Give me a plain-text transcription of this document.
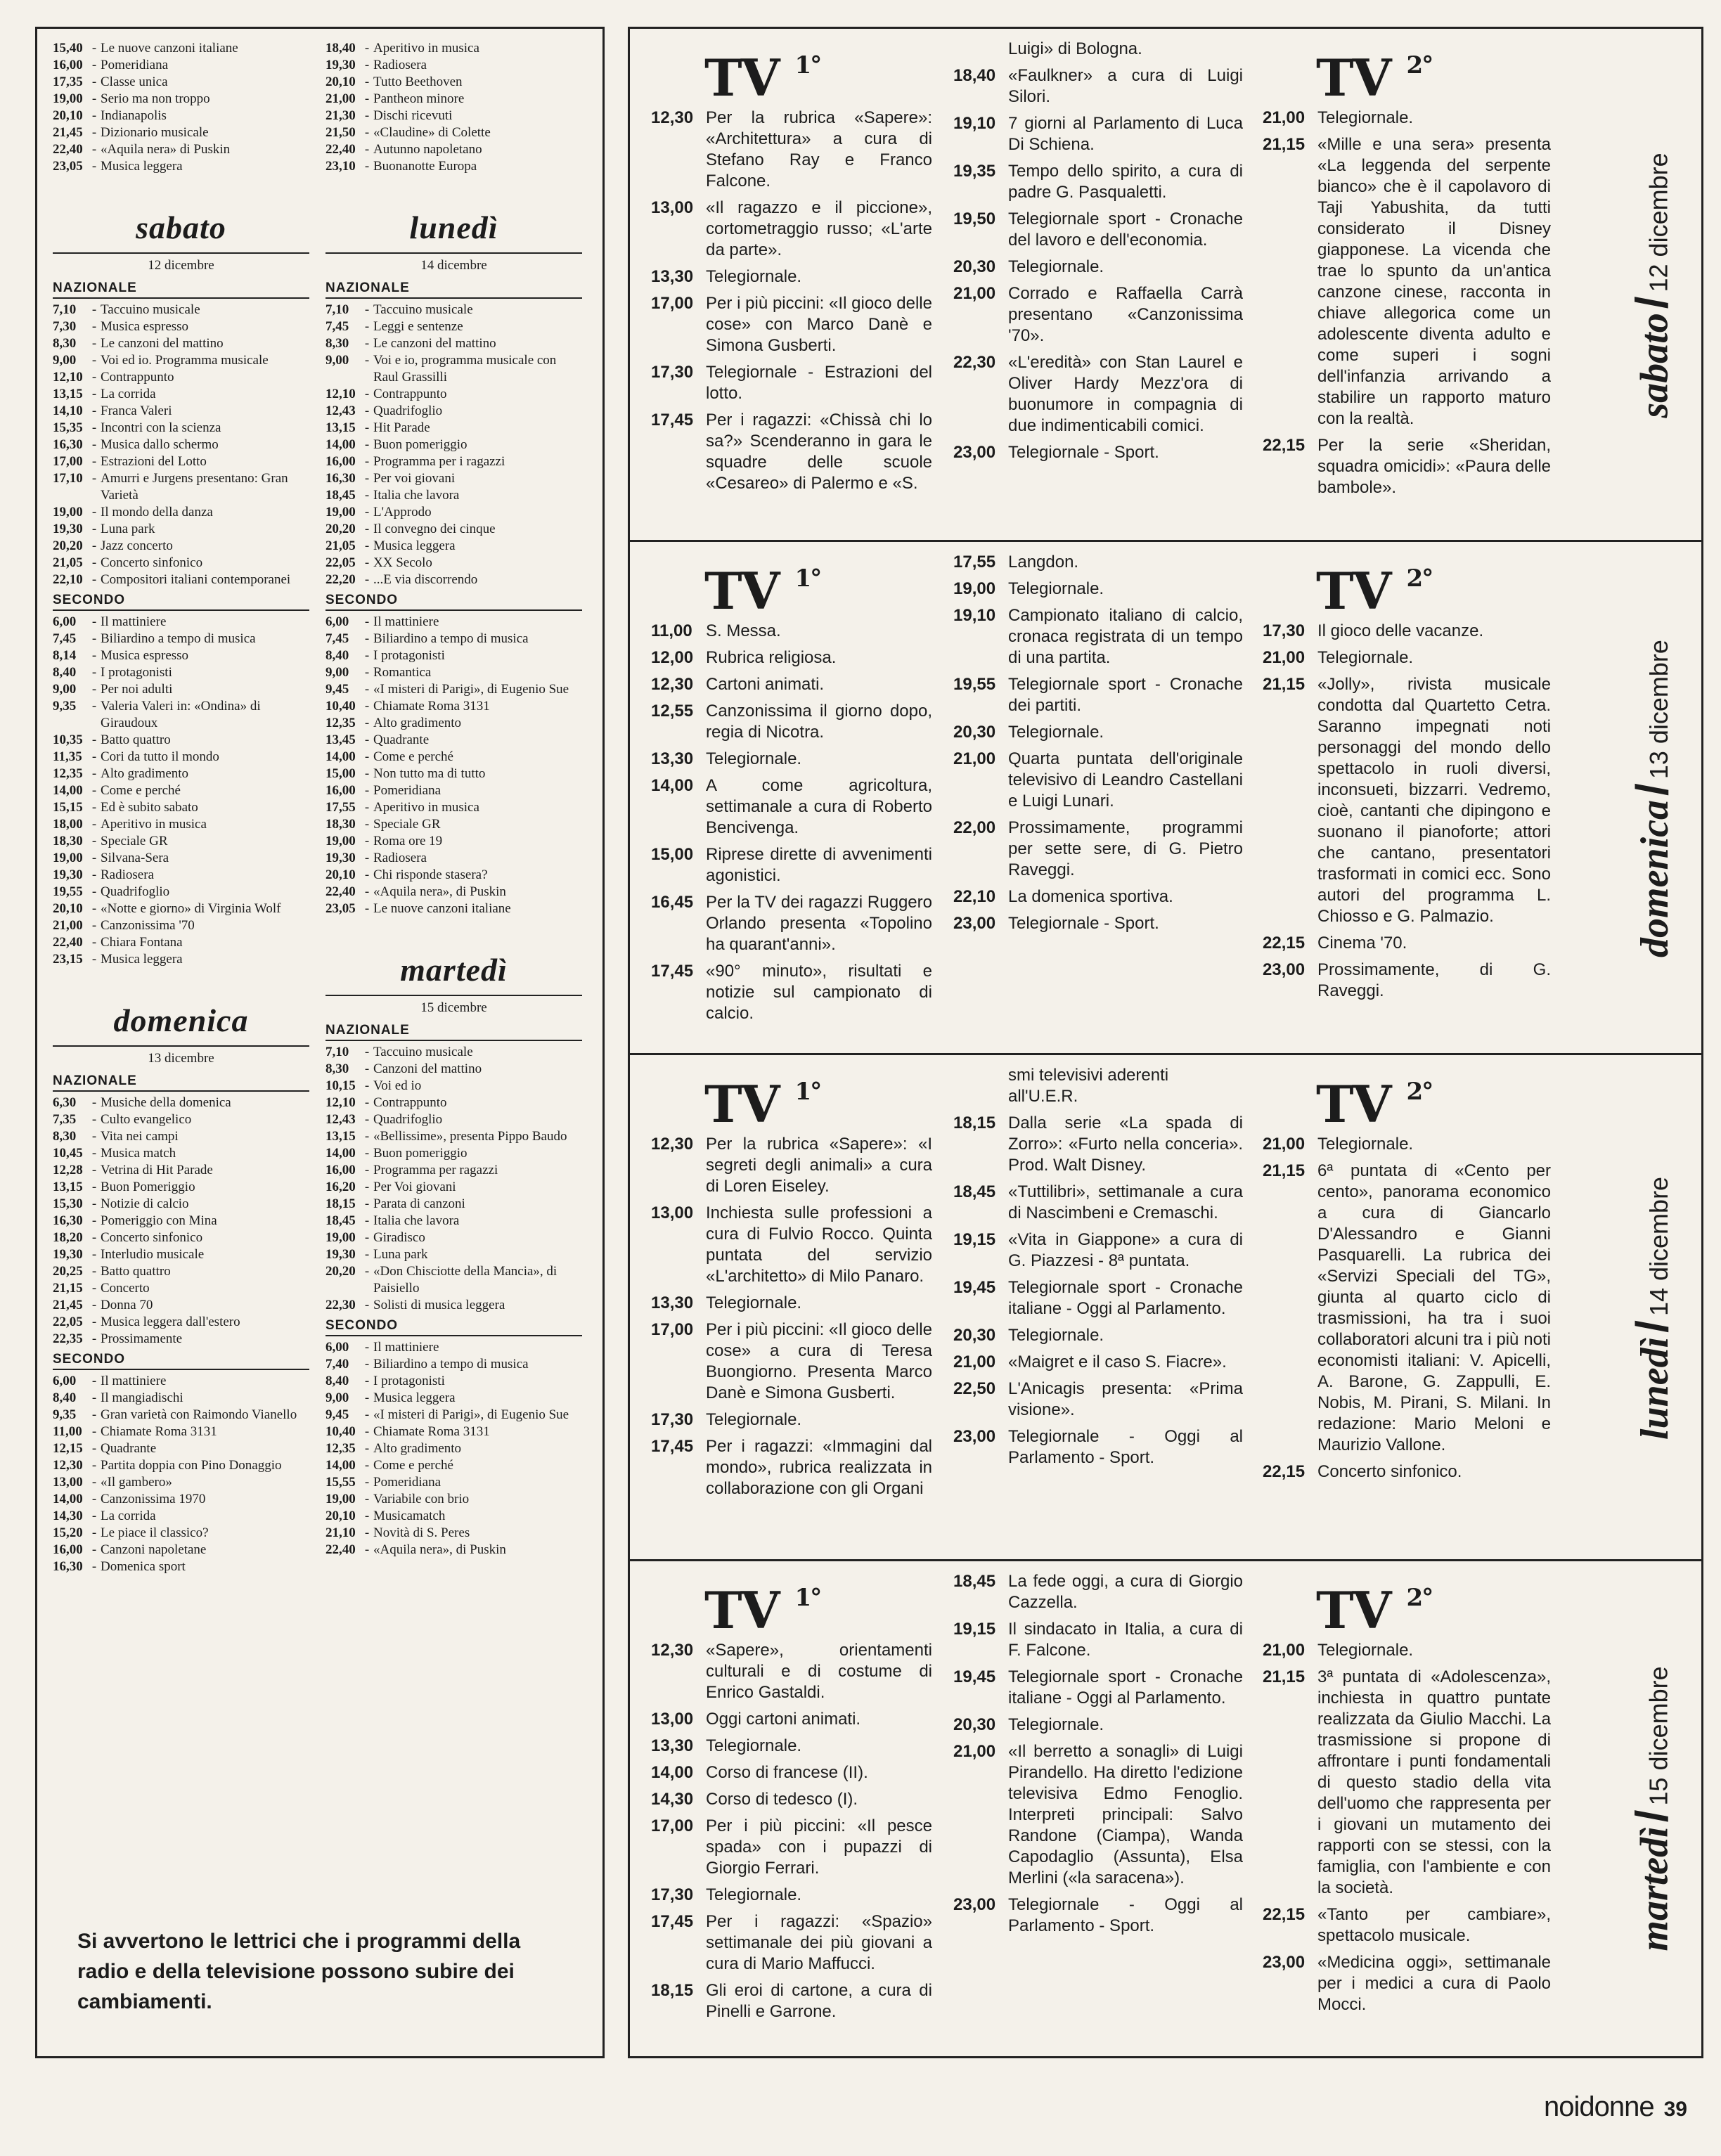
15,40 - Le nuove canzoni italiane
16,00 - Pomeridiana
17,35 - Classe unica
19,00 - Serio ma non troppo
20,10 - Indianapolis
21,45 - Dizionario musicale
22,40 - «Aquila nera» di Puskin
23,05 - Musica leggera
sabato
12 dicembre
NAZIONALE
7,10	- Taccuino musicale
7,30	- Musica espresso
8,30	- Le canzoni del mattino
9,00	- Voi ed io. Programma musicale
12,10 - Contrappunto
13,15 - La corrida
14,10 - Franca Valeri
15,35 - Incontri con la scienza
16,30 - Musica dallo schermo
17,00 - Estrazioni del Lotto
17,10 - Amurri e Jurgens presentano: Gran Varietà
19,00 - Il mondo della danza
19,30 - Luna park
20,20 - Jazz concerto
21,05 - Concerto sinfonico
22,10 - Compositori italiani contemporanei
SECONDO
6,00	- Il mattiniere
7,45	- Biliardino a tempo di musica
8,14	- Musica espresso
8,40	- I protagonisti
9,00	- Per noi adulti
9,35	- Valeria Valeri in: «Ondina» di Giraudoux
10,35 - Batto quattro
11,35 - Cori da tutto il mondo
12,35 - Alto gradimento
14,00 - Come e perché
15,15 - Ed è subito sabato
18,00 - Aperitivo in musica
18,30 - Speciale GR
19,00 - Silvana-Sera
19,30 - Radiosera
19,55 - Quadrifoglio
20,10 - «Notte e giorno» di Virginia Wolf
21,00 - Canzonissima '70
22,40 - Chiara Fontana
23,15 - Musica leggera
domenica
13 dicembre
NAZIONALE
6,30	- Musiche della domenica
7,35	- Culto evangelico
8,30	- Vita nei campi
10,45 - Musica match
12,28 - Vetrina di Hit Parade
13,15 - Buon Pomeriggio
15,30 - Notizie di calcio
16,30 - Pomeriggio con Mina
18,20 - Concerto sinfonico
19,30 - Interludio musicale
20,25 - Batto quattro
21,15 - Concerto
21,45 - Donna 70
22,05 - Musica leggera dall'estero
22,35 - Prossimamente
SECONDO
6,00	- Il mattiniere
8,40	- Il mangiadischi
9,35	- Gran varietà con Raimondo Vianello
11,00 - Chiamate Roma 3131
12,15 - Quadrante
12,30 - Partita doppia con Pino Donaggio
13,00 - «Il gambero»
14,00 - Canzonissima 1970
14,30 - La corrida
15,20 - Le piace il classico?
16,00 - Canzoni napoletane
16,30 - Domenica sport
18,40 - Aperitivo in musica
19,30 - Radiosera
20,10 - Tutto Beethoven
21,00 - Pantheon minore
21,30 - Dischi ricevuti
21,50 - «Claudine» di Colette
22,40 - Autunno napoletano
23,10 - Buonanotte Europa
lunedì
14 dicembre
NAZIONALE
7,10	- Taccuino musicale
7,45	- Leggi e sentenze
8,30	- Le canzoni del mattino
9,00	- Voi e io, programma musicale con Raul Grassilli
12,10 - Contrappunto
12,43 - Quadrifoglio
13,15 - Hit Parade
14,00 - Buon pomeriggio
16,00 - Programma per i ragazzi
16,30 - Per voi giovani
18,45 - Italia che lavora
19,00 - L'Approdo
20,20 - Il convegno dei cinque
21,05 - Musica leggera
22,05 - XX Secolo
22,20 - ...E via discorrendo
SECONDO
6,00	- Il mattiniere
7,45	- Biliardino a tempo di musica
8,40	- I protagonisti
9,00	- Romantica
9,45	- «I misteri di Parigi», di Eugenio Sue
10,40 - Chiamate Roma 3131
12,35 - Alto gradimento
13,45 - Quadrante
14,00 - Come e perché
15,00 - Non tutto ma di tutto
16,00 - Pomeridiana
17,55 - Aperitivo in musica
18,30 - Speciale GR
19,00 - Roma ore 19
19,30 - Radiosera
20,10 - Chi risponde stasera?
22,40 - «Aquila nera», di Puskin
23,05 - Le nuove canzoni italiane
martedì
15 dicembre
NAZIONALE
7,10	- Taccuino musicale
8,30	- Canzoni del mattino
10,15 - Voi ed io
12,10 - Contrappunto
12,43 - Quadrifoglio
13,15 - «Bellissime», presenta Pippo Baudo
14,00 - Buon pomeriggio
16,00 - Programma per ragazzi
16,20 - Per Voi giovani
18,15 - Parata di canzoni
18,45 - Italia che lavora
19,00 - Giradisco
19,30 - Luna park
20,20 - «Don Chisciotte della Mancia», di Paisiello
22,30 - Solisti di musica leggera
SECONDO
6,00	- Il mattiniere
7,40	- Biliardino a tempo di musica
8,40	- I protagonisti
9,00	- Musica leggera
9,45	- «I misteri di Parigi», di Eugenio Sue
10,40 - Chiamate Roma 3131
12,35 - Alto gradimento
14,00 - Come e perché
15,55 - Pomeridiana
19,00 - Variabile con brio
20,10 - Musicamatch
21,10 - Novità di S. Peres
22,40 - «Aquila nera», di Puskin
Si avvertono le lettrici che i programmi della radio e della televisione possono subire dei cambiamenti.
TV $^{1^\circ}$
12,30 Per la rubrica «Sapere»: «Architettura» a cura di Stefano Ray e Franco Falcone.
13,00 «Il ragazzo e il piccione», cortometraggio russo; «L'arte da parte».
13,30 Telegiornale.
17,00 Per i più piccini: «Il gioco delle cose» con Marco Danè e Simona Gusberti.
17,30 Telegiornale - Estrazioni del lotto.
17,45 Per i ragazzi: «Chissà chi lo sa?» Scenderanno in gara le squadre delle scuole «Cesareo» di Palermo e «S.
Luigi» di Bologna.
18,40 «Faulkner» a cura di Luigi Silori.
19,10 7 giorni al Parlamento di Luca Di Schiena.
19,35 Tempo dello spirito, a cura di padre G. Pasqualetti.
19,50 Telegiornale sport - Cronache del lavoro e dell'economia.
20,30 Telegiornale.
21,00 Corrado e Raffaella Carrà presentano «Canzonissima '70».
22,30 «L'eredità» con Stan Laurel e Oliver Hardy Mezz'ora di buonumore in compagnia di due indimenticabili comici.
23,00 Telegiornale - Sport.
TV $^{2^\circ}$
21,00 Telegiornale.
21,15 «Mille e una sera» presenta «La leggenda del serpente bianco» che è il capolavoro di Taji Yabushita, da tutti considerato il Disney giapponese. La vicenda che trae lo spunto da un'antica canzone cinese, racconta in chiave allegorica come un adolescente diventa adulto e come superi i sogni dell'infanzia arrivando a stabilire un rapporto maturo con la realtà.
22,15 Per la serie «Sheridan, squadra omicidi»: «Paura delle bambole».
sabato
/
12 dicembre
TV $^{1^\circ}$
11,00 S. Messa.
12,00 Rubrica religiosa.
12,30 Cartoni animati.
12,55 Canzonissima il giorno dopo, regia di Nicotra.
13,30 Telegiornale.
14,00 A come agricoltura, settimanale a cura di Roberto Bencivenga.
15,00 Riprese dirette di avvenimenti agonistici.
16,45 Per la TV dei ragazzi Ruggero Orlando presenta «Topolino ha quarant'anni».
17,45 «90° minuto», risultati e notizie sul campionato di calcio.
17,55 Langdon.
19,00 Telegiornale.
19,10 Campionato italiano di calcio, cronaca registrata di un tempo di una partita.
19,55 Telegiornale sport - Cronache dei partiti.
20,30 Telegiornale.
21,00 Quarta puntata dell'originale televisivo di Leandro Castellani e Luigi Lunari.
22,00 Prossimamente, programmi per sette sere, di G. Pietro Raveggi.
22,10 La domenica sportiva.
23,00 Telegiornale - Sport.
TV $^{2^\circ}$
17,30 Il gioco delle vacanze.
21,00 Telegiornale.
21,15 «Jolly», rivista musicale condotta dal Quartetto Cetra. Saranno impegnati noti personaggi del mondo dello spettacolo in ruoli diversi, inconsueti, bizzarri. Vedremo, cioè, cantanti che dipingono e suonano il pianoforte; attori che cantano, presentatori trasformati in comici ecc. Sono autori del programma L. Chiosso e G. Palmazio.
22,15 Cinema '70.
23,00 Prossimamente, di G. Raveggi.
domenica
/
13 dicembre
TV $^{1^\circ}$
12,30 Per la rubrica «Sapere»: «I segreti degli animali» a cura di Loren Eiseley.
13,00 Inchiesta sulle professioni a cura di Fulvio Rocco. Quinta puntata del servizio «L'architetto» di Milo Panaro.
13,30 Telegiornale.
17,00 Per i più piccini: «Il gioco delle cose» a cura di Teresa Buongiorno. Presenta Marco Danè e Simona Gusberti.
17,30 Telegiornale.
17,45 Per i ragazzi: «Immagini dal mondo», rubrica realizzata in collaborazione con gli Organi
smi televisivi aderenti all'U.E.R.
18,15 Dalla serie «La spada di Zorro»: «Furto nella conceria». Prod. Walt Disney.
18,45 «Tuttilibri», settimanale a cura di Nascimbeni e Cremaschi.
19,15 «Vita in Giappone» a cura di G. Piazzesi - 8ª puntata.
19,45 Telegiornale sport - Cronache italiane - Oggi al Parlamento.
20,30 Telegiornale.
21,00 «Maigret e il caso S. Fiacre».
22,50 L'Anicagis presenta: «Prima visione».
23,00 Telegiornale - Oggi al Parlamento - Sport.
TV $^{2^\circ}$
21,00 Telegiornale.
21,15 6ª puntata di «Cento per cento», panorama economico a cura di Giancarlo D'Alessandro e Gianni Pasquarelli. La rubrica dei «Servizi Speciali del TG», giunta al quarto ciclo di trasmissioni, ha tra i suoi collaboratori alcuni tra i più noti economisti italiani: V. Apicelli, A. Barone, G. Zappulli, E. Nobis, M. Pirani, S. Milani. In redazione: Mario Meloni e Maurizio Vallone.
22,15 Concerto sinfonico.
lunedì
/
14 dicembre
TV $^{1^\circ}$
12,30 «Sapere», orientamenti culturali e di costume di Enrico Gastaldi.
13,00 Oggi cartoni animati.
13,30 Telegiornale.
14,00 Corso di francese (II).
14,30 Corso di tedesco (I).
17,00 Per i più piccini: «Il pesce spada» con i pupazzi di Giorgio Ferrari.
17,30 Telegiornale.
17,45 Per i ragazzi: «Spazio» settimanale dei più giovani a cura di Mario Maffucci.
18,15 Gli eroi di cartone, a cura di Pinelli e Garrone.
18,45 La fede oggi, a cura di Giorgio Cazzella.
19,15 Il sindacato in Italia, a cura di F. Falcone.
19,45 Telegiornale sport - Cronache italiane - Oggi al Parlamento.
20,30 Telegiornale.
21,00 «Il berretto a sonagli» di Luigi Pirandello. Ha diretto l'edizione televisiva Edmo Fenoglio. Interpreti principali: Salvo Randone (Ciampa), Wanda Capodaglio (Assunta), Elsa Merlini («la saracena»).
23,00 Telegiornale - Oggi al Parlamento - Sport.
TV $^{2^\circ}$
21,00 Telegiornale.
21,15 3ª puntata di «Adolescenza», inchiesta in quattro puntate realizzata da Giulio Macchi. La trasmissione si propone di affrontare i punti fondamentali di questo stadio della vita dell'uomo che rappresenta per i giovani un mutamento dei rapporti con se stessi, con la famiglia, con l'ambiente e con la società.
22,15 «Tanto per cambiare», spettacolo musicale.
23,00 «Medicina oggi», settimanale per i medici a cura di Paolo Mocci.
martedì
/
15 dicembre
noidonne 39
